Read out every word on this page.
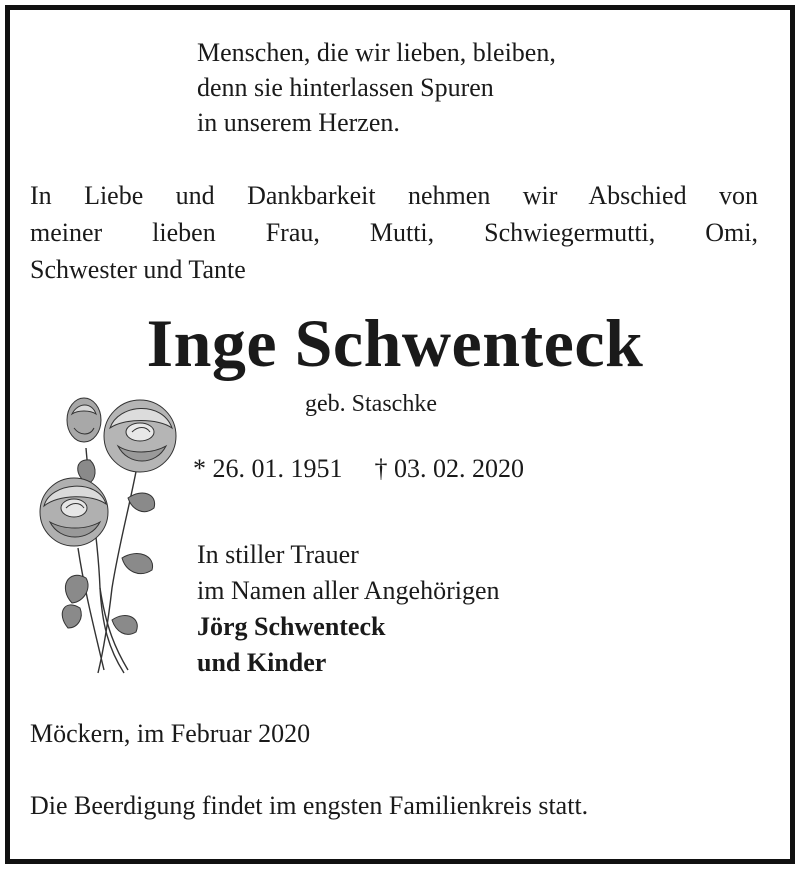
Menschen, die wir lieben, bleiben,
denn sie hinterlassen Spuren
in unserem Herzen.
In Liebe und Dankbarkeit nehmen wir Abschied von
meiner lieben Frau, Mutti, Schwiegermutti, Omi,
Schwester und Tante
Inge Schwenteck
geb. Staschke
* 26. 01. 1951 † 03. 02. 2020
In stiller Trauer
im Namen aller Angehörigen
Jörg Schwenteck
und Kinder
Möckern, im Februar 2020
Die Beerdigung findet im engsten Familienkreis statt.
